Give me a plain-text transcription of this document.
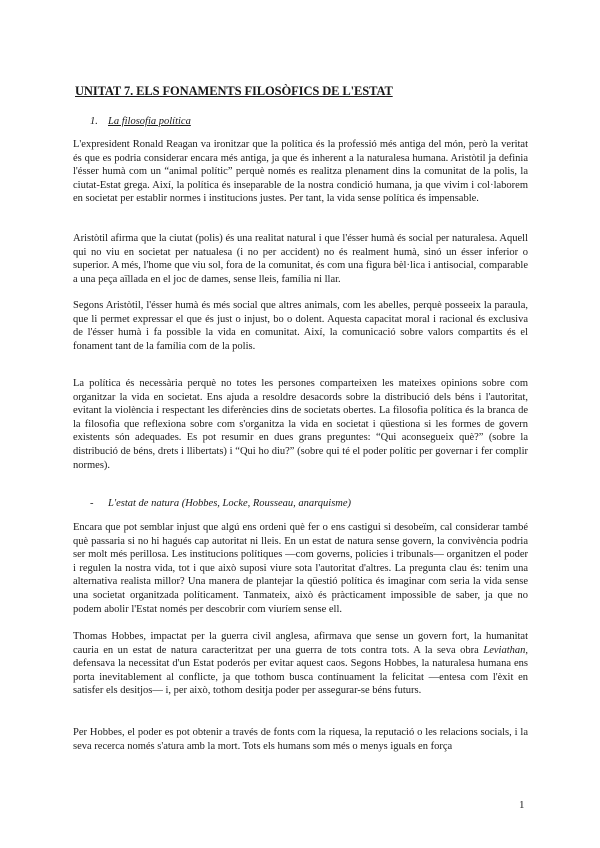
UNITAT 7. ELS FONAMENTS FILOSÒFICS DE L'ESTAT
1. La filosofia política

L'expresident Ronald Reagan va ironitzar que la política és la professió més antiga del món, però la veritat és que es podria considerar encara més antiga, ja que és inherent a la naturalesa humana. Aristòtil ja definia l'ésser humà com un “animal polític” perquè només es realitza plenament dins la comunitat de la polis, la ciutat-Estat grega. Així, la política és inseparable de la nostra condició humana, ja que vivim i col·laborem en societat per establir normes i institucions justes. Per tant, la vida sense política és impensable.

Aristòtil afirma que la ciutat (polis) és una realitat natural i que l'ésser humà és social per naturalesa. Aquell qui no viu en societat per natualesa (i no per accident) no és realment humà, sinó un ésser inferior o superior. A més, l'home que viu sol, fora de la comunitat, és com una figura bèl·lica i antisocial, comparable a una peça aïllada en el joc de dames, sense lleis, família ni llar.

Segons Aristòtil, l'ésser humà és més social que altres animals, com les abelles, perquè posseeix la paraula, que li permet expressar el que és just o injust, bo o dolent. Aquesta capacitat moral i racional és exclusiva de l'ésser humà i fa possible la vida en comunitat. Així, la comunicació sobre valors compartits és el fonament tant de la família com de la polis.

La política és necessària perquè no totes les persones comparteixen les mateixes opinions sobre com organitzar la vida en societat. Ens ajuda a resoldre desacords sobre la distribució dels béns i l'autoritat, evitant la violència i respectant les diferències dins de societats obertes. La filosofia política és la branca de la filosofia que reflexiona sobre com s'organitza la vida en societat i qüestiona si les formes de govern existents són adequades. Es pot resumir en dues grans preguntes: “Qui aconsegueix què?” (sobre la distribució de béns, drets i llibertats) i “Qui ho diu?” (sobre qui té el poder polític per governar i fer complir normes).

- L'estat de natura (Hobbes, Locke, Rousseau, anarquisme)

Encara que pot semblar injust que algú ens ordeni què fer o ens castigui si desobeïm, cal considerar també què passaria si no hi hagués cap autoritat ni lleis. En un estat de natura sense govern, la convivència podria ser molt més perillosa. Les institucions polítiques —com governs, policies i tribunals— organitzen el poder i regulen la nostra vida, tot i que això suposi viure sota l'autoritat d'altres. La pregunta clau és: tenim una alternativa realista millor? Una manera de plantejar la qüestió política és imaginar com seria la vida sense una societat organitzada políticament. Tanmateix, això és pràcticament impossible de saber, ja que no podem abolir l'Estat només per descobrir com viuríem sense ell.

Thomas Hobbes, impactat per la guerra civil anglesa, afirmava que sense un govern fort, la humanitat cauria en un estat de natura caracteritzat per una guerra de tots contra tots. A la seva obra Leviathan, defensava la necessitat d'un Estat poderós per evitar aquest caos. Segons Hobbes, la naturalesa humana ens porta inevitablement al conflicte, ja que tothom busca contínuament la felicitat —entesa com l'èxit en satisfer els desitjos— i, per això, tothom desitja poder per assegurar-se béns futurs.

Per Hobbes, el poder es pot obtenir a través de fonts com la riquesa, la reputació o les relacions socials, i la seva recerca només s'atura amb la mort. Tots els humans som més o menys iguals en força

1
